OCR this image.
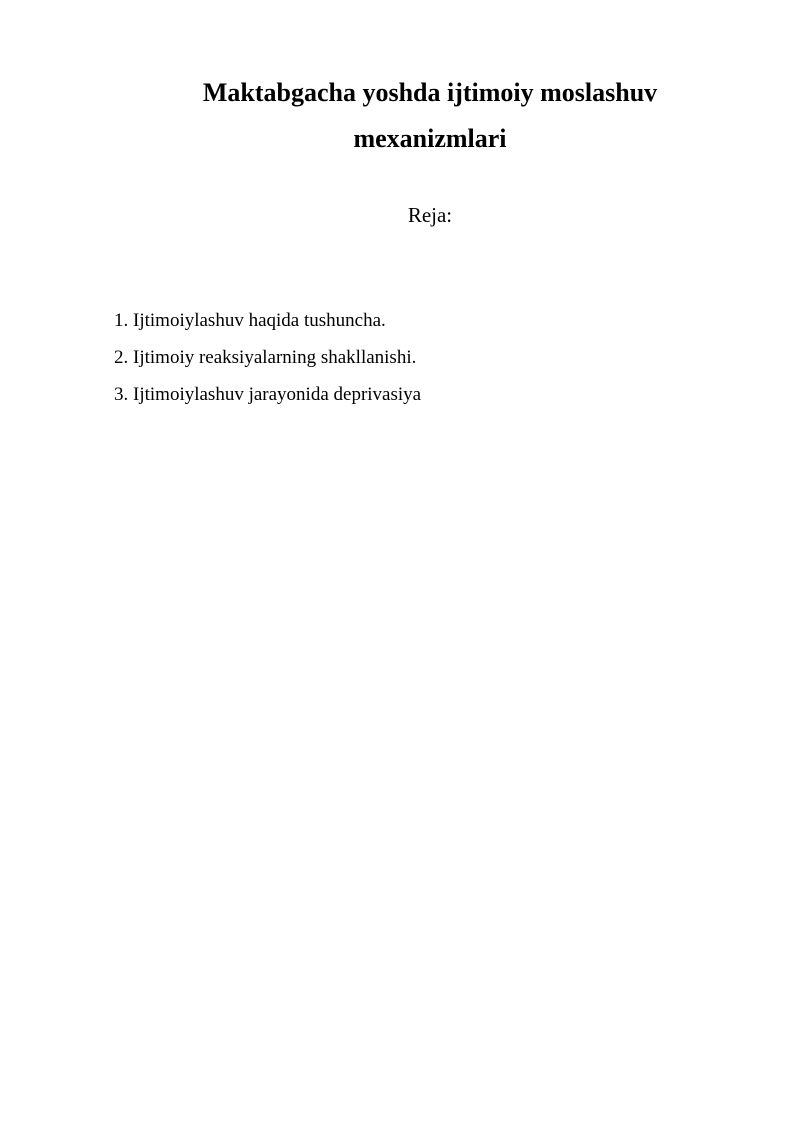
Maktabgacha yoshda ijtimoiy moslashuv
mexanizmlari
Reja:
1. Ijtimoiylashuv haqida tushuncha.
2. Ijtimoiy reaksiyalarning shakllanishi.
3. Ijtimoiylashuv jarayonida deprivasiya
